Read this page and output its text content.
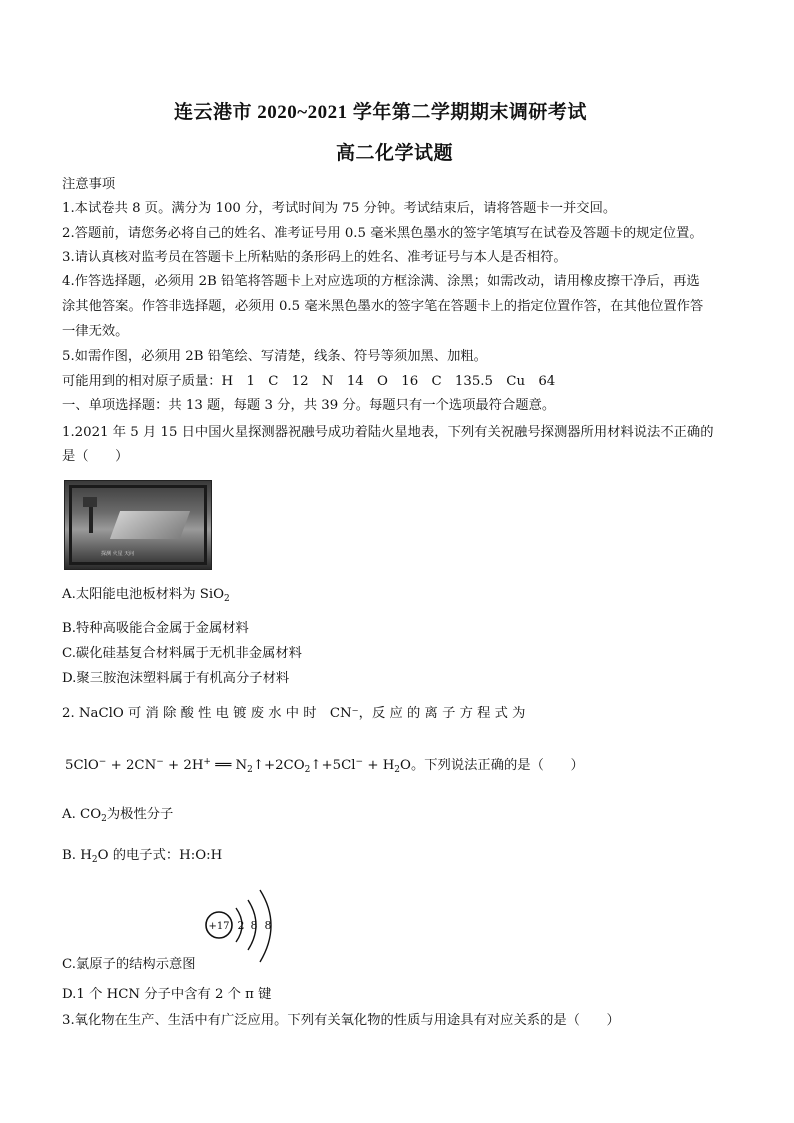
连云港市 2020~2021 学年第二学期期末调研考试
高二化学试题
注意事项
1.本试卷共 8 页。满分为 100 分，考试时间为 75 分钟。考试结束后，请将答题卡一并交回。
2.答题前，请您务必将自己的姓名、准考证号用 0.5 毫米黑色墨水的签字笔填写在试卷及答题卡的规定位置。
3.请认真核对监考员在答题卡上所粘贴的条形码上的姓名、准考证号与本人是否相符。
4.作答选择题，必须用 2B 铅笔将答题卡上对应选项的方框涂满、涂黑；如需改动，请用橡皮擦干净后，再选
涂其他答案。作答非选择题，必须用 0.5 毫米黑色墨水的签字笔在答题卡上的指定位置作答，在其他位置作答
一律无效。
5.如需作图，必须用 2B 铅笔绘、写清楚，线条、符号等须加黑、加粗。
可能用到的相对原子质量：H　1　C　12　N　14　O　16　C　135.5　Cu　64
一、单项选择题：共 13 题，每题 3 分，共 39 分。每题只有一个选项最符合题意。
1.2021 年 5 月 15 日中国火星探测器祝融号成功着陆火星地表，下列有关祝融号探测器所用材料说法不正确的
是（　　）
探测 火星 天问
A.太阳能电池板材料为 SiO$_2$
B.特种高吸能合金属于金属材料
C.碳化硅基复合材料属于无机非金属材料
D.聚三胺泡沫塑料属于有机高分子材料
2. NaClO 可 消 除 酸 性 电 镀 废 水 中 时　CN⁻，反 应 的 离 子 方 程 式 为
5ClO− + 2CN− + 2H+ ══ $N_2↑+2CO_2↑+5Cl^- + H_2O$。下列说法正确的是（　　）
A. $CO_2$为极性分子
B. $H_2O$ 的电子式：H:O:H
+17 2 8 8
C.氯原子的结构示意图
D.1 个 HCN 分子中含有 2 个 π 键
3.氧化物在生产、生活中有广泛应用。下列有关氧化物的性质与用途具有对应关系的是（　　）
